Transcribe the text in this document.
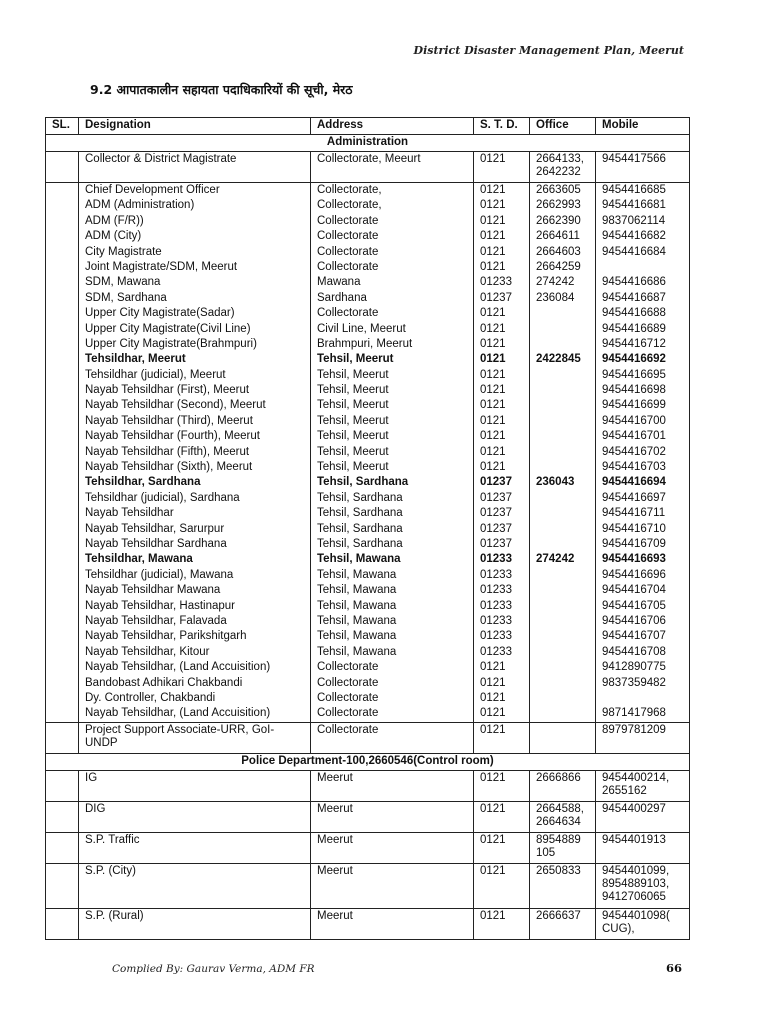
District Disaster Management Plan, Meerut
9.2 आपातकालीन सहायता पदाधिकारियों की सूची, मेरठ
SL.	Designation	Address	S. T. D.	Office	Mobile
Administration					
	Collector & District Magistrate	Collectorate, Meeurt	0121	2664133, 2642232	9454417566
	Chief Development Officer	Collectorate,	0121	2663605	9454416685
	ADM (Administration)	Collectorate,	0121	2662993	9454416681
	ADM (F/R))	Collectorate	0121	2662390	9837062114
	ADM (City)	Collectorate	0121	2664611	9454416682
	City Magistrate	Collectorate	0121	2664603	9454416684
	Joint Magistrate/SDM, Meerut	Collectorate	0121	2664259	
	SDM, Mawana	Mawana	01233	274242	9454416686
	SDM, Sardhana	Sardhana	01237	236084	9454416687
	Upper City Magistrate(Sadar)	Collectorate	0121		9454416688
	Upper City Magistrate(Civil Line)	Civil Line, Meerut	0121		9454416689
	Upper City Magistrate(Brahmpuri)	Brahmpuri, Meerut	0121		9454416712
	Tehsildhar, Meerut	Tehsil, Meerut	0121	2422845	9454416692
	Tehsildhar (judicial), Meerut	Tehsil, Meerut	0121		9454416695
	Nayab Tehsildhar (First), Meerut	Tehsil, Meerut	0121		9454416698
	Nayab Tehsildhar (Second), Meerut	Tehsil, Meerut	0121		9454416699
	Nayab Tehsildhar (Third), Meerut	Tehsil, Meerut	0121		9454416700
	Nayab Tehsildhar (Fourth), Meerut	Tehsil, Meerut	0121		9454416701
	Nayab Tehsildhar (Fifth), Meerut	Tehsil, Meerut	0121		9454416702
	Nayab Tehsildhar (Sixth), Meerut	Tehsil, Meerut	0121		9454416703
	Tehsildhar, Sardhana	Tehsil, Sardhana	01237	236043	9454416694
	Tehsildhar (judicial), Sardhana	Tehsil, Sardhana	01237		9454416697
	Nayab Tehsildhar	Tehsil, Sardhana	01237		9454416711
	Nayab Tehsildhar, Sarurpur	Tehsil, Sardhana	01237		9454416710
	Nayab Tehsildhar Sardhana	Tehsil, Sardhana	01237		9454416709
	Tehsildhar, Mawana	Tehsil, Mawana	01233	274242	9454416693
	Tehsildhar (judicial), Mawana	Tehsil, Mawana	01233		9454416696
	Nayab Tehsildhar Mawana	Tehsil, Mawana	01233		9454416704
	Nayab Tehsildhar, Hastinapur	Tehsil, Mawana	01233		9454416705
	Nayab Tehsildhar, Falavada	Tehsil, Mawana	01233		9454416706
	Nayab Tehsildhar, Parikshitgarh	Tehsil, Mawana	01233		9454416707
	Nayab Tehsildhar, Kitour	Tehsil, Mawana	01233		9454416708
	Nayab Tehsildhar, (Land Accuisition)	Collectorate	0121		9412890775
	Bandobast Adhikari Chakbandi	Collectorate	0121		9837359482
	Dy. Controller, Chakbandi	Collectorate	0121		
	Nayab Tehsildhar, (Land Accuisition)	Collectorate	0121		9871417968
	Project Support Associate-URR, GoI-UNDP	Collectorate	0121		8979781209
Police Department-100,2660546(Control room)					
	IG	Meerut	0121	2666866	9454400214, 2655162
	DIG	Meerut	0121	2664588, 2664634	9454400297
	S.P. Traffic	Meerut	0121	8954889 105	9454401913
	S.P. (City)	Meerut	0121	2650833	9454401099, 8954889103, 9412706065
	S.P. (Rural)	Meerut	0121	2666637	9454401098( CUG),
Complied By: Gaurav Verma, ADM FR	66
